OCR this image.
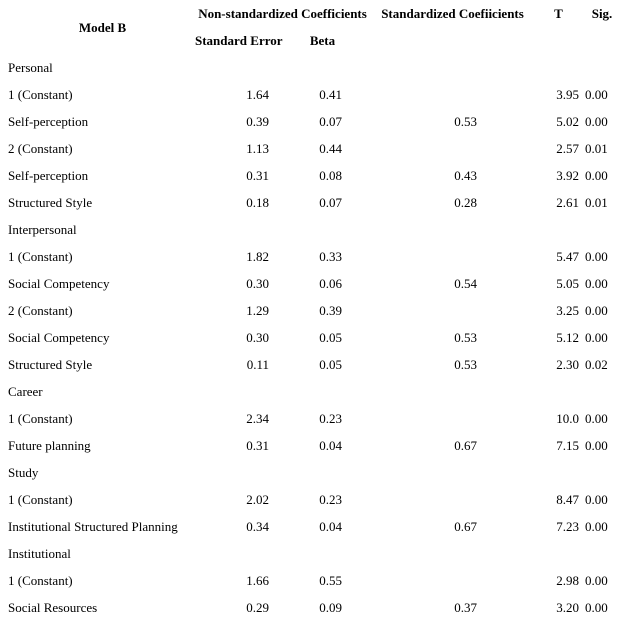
Model B	Non-standardized Coefficients		Standardized Coefiicients	T	Sig.
	Standard Error	Beta			
Personal					
1 (Constant)	1.64	0.41		3.95	0.00
Self-perception	0.39	0.07	0.53	5.02	0.00
2 (Constant)	1.13	0.44		2.57	0.01
Self-perception	0.31	0.08	0.43	3.92	0.00
Structured Style	0.18	0.07	0.28	2.61	0.01
Interpersonal					
1 (Constant)	1.82	0.33		5.47	0.00
Social Competency	0.30	0.06	0.54	5.05	0.00
2 (Constant)	1.29	0.39		3.25	0.00
Social Competency	0.30	0.05	0.53	5.12	0.00
Structured Style	0.11	0.05	0.53	2.30	0.02
Career					
1 (Constant)	2.34	0.23		10.0	0.00
Future planning	0.31	0.04	0.67	7.15	0.00
Study					
1 (Constant)	2.02	0.23		8.47	0.00
Institutional Structured Planning	0.34	0.04	0.67	7.23	0.00
Institutional					
1 (Constant)	1.66	0.55		2.98	0.00
Social Resources	0.29	0.09	0.37	3.20	0.00
